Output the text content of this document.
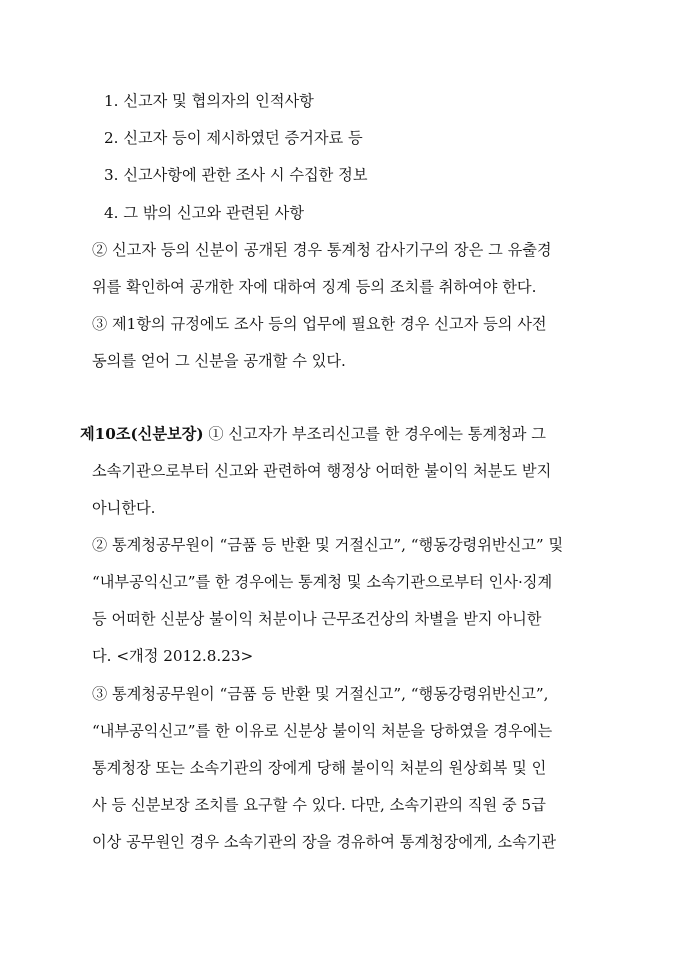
1. 신고자 및 협의자의 인적사항
2. 신고자 등이 제시하였던 증거자료 등
3. 신고사항에 관한 조사 시 수집한 정보
4. 그 밖의 신고와 관련된 사항
② 신고자 등의 신분이 공개된 경우 통계청 감사기구의 장은 그 유출경
위를 확인하여 공개한 자에 대하여 징계 등의 조치를 취하여야 한다.
③ 제1항의 규정에도 조사 등의 업무에 필요한 경우 신고자 등의 사전
동의를 얻어 그 신분을 공개할 수 있다.
제10조(신분보장) ① 신고자가 부조리신고를 한 경우에는 통계청과 그
소속기관으로부터 신고와 관련하여 행정상 어떠한 불이익 처분도 받지
아니한다.
② 통계청공무원이 “금품 등 반환 및 거절신고”, “행동강령위반신고” 및
“내부공익신고”를 한 경우에는 통계청 및 소속기관으로부터 인사·징계
등 어떠한 신분상 불이익 처분이나 근무조건상의 차별을 받지 아니한
다. <개정 2012.8.23>
③ 통계청공무원이 “금품 등 반환 및 거절신고”, “행동강령위반신고”,
“내부공익신고”를 한 이유로 신분상 불이익 처분을 당하였을 경우에는
통계청장 또는 소속기관의 장에게 당해 불이익 처분의 원상회복 및 인
사 등 신분보장 조치를 요구할 수 있다. 다만, 소속기관의 직원 중 5급
이상 공무원인 경우 소속기관의 장을 경유하여 통계청장에게, 소속기관
